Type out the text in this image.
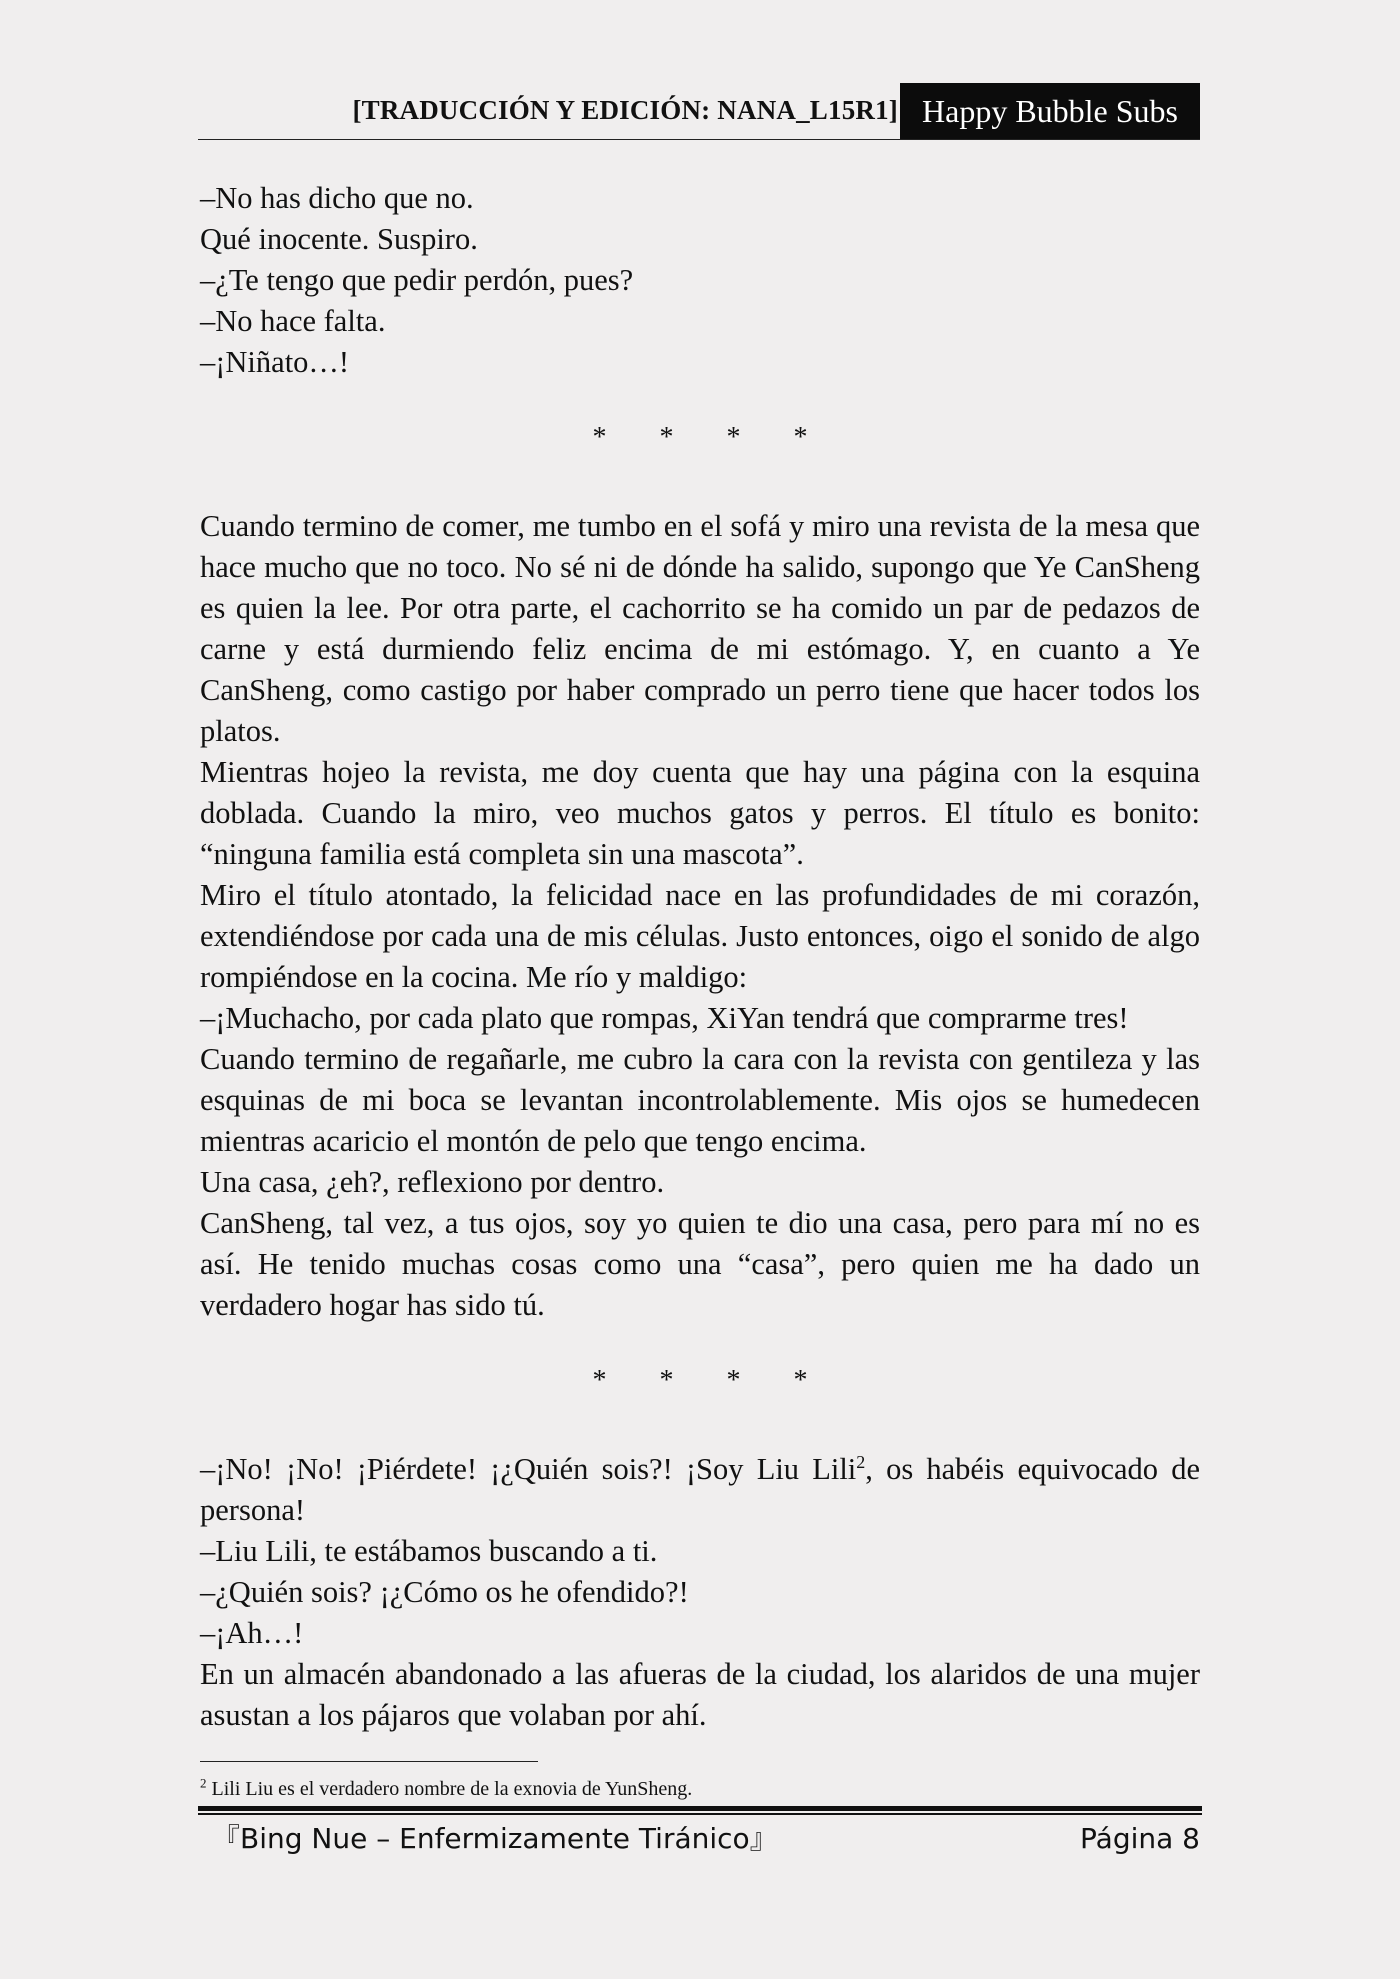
[TRADUCCIÓN Y EDICIÓN: NANA_L15R1] Happy Bubble Subs

–No has dicho que no.

Qué inocente. Suspiro.

–¿Te tengo que pedir perdón, pues?

–No hace falta.

–¡Niñato…!

* * * *

Cuando termino de comer, me tumbo en el sofá y miro una revista de la mesa que hace mucho que no toco. No sé ni de dónde ha salido, supongo que Ye CanSheng es quien la lee. Por otra parte, el cachorrito se ha comido un par de pedazos de carne y está durmiendo feliz encima de mi estómago. Y, en cuanto a Ye CanSheng, como castigo por haber comprado un perro tiene que hacer todos los platos.

Mientras hojeo la revista, me doy cuenta que hay una página con la esquina doblada. Cuando la miro, veo muchos gatos y perros. El título es bonito: “ninguna familia está completa sin una mascota”.

Miro el título atontado, la felicidad nace en las profundidades de mi corazón, extendiéndose por cada una de mis células. Justo entonces, oigo el sonido de algo rompiéndose en la cocina. Me río y maldigo:

–¡Muchacho, por cada plato que rompas, XiYan tendrá que comprarme tres!

Cuando termino de regañarle, me cubro la cara con la revista con gentileza y las esquinas de mi boca se levantan incontrolablemente. Mis ojos se humedecen mientras acaricio el montón de pelo que tengo encima.

Una casa, ¿eh?, reflexiono por dentro.

CanSheng, tal vez, a tus ojos, soy yo quien te dio una casa, pero para mí no es así. He tenido muchas cosas como una “casa”, pero quien me ha dado un verdadero hogar has sido tú.

* * * *

–¡No! ¡No! ¡Piérdete! ¡¿Quién sois?! ¡Soy Liu Lili$^2$, os habéis equivocado de persona!

–Liu Lili, te estábamos buscando a ti.

–¿Quién sois? ¡¿Cómo os he ofendido?!

–¡Ah…!

En un almacén abandonado a las afueras de la ciudad, los alaridos de una mujer asustan a los pájaros que volaban por ahí.

$^2$ Lili Liu es el verdadero nombre de la exnovia de YunSheng.
『Bing Nue – Enfermizamente Tiránico』	Página 8
